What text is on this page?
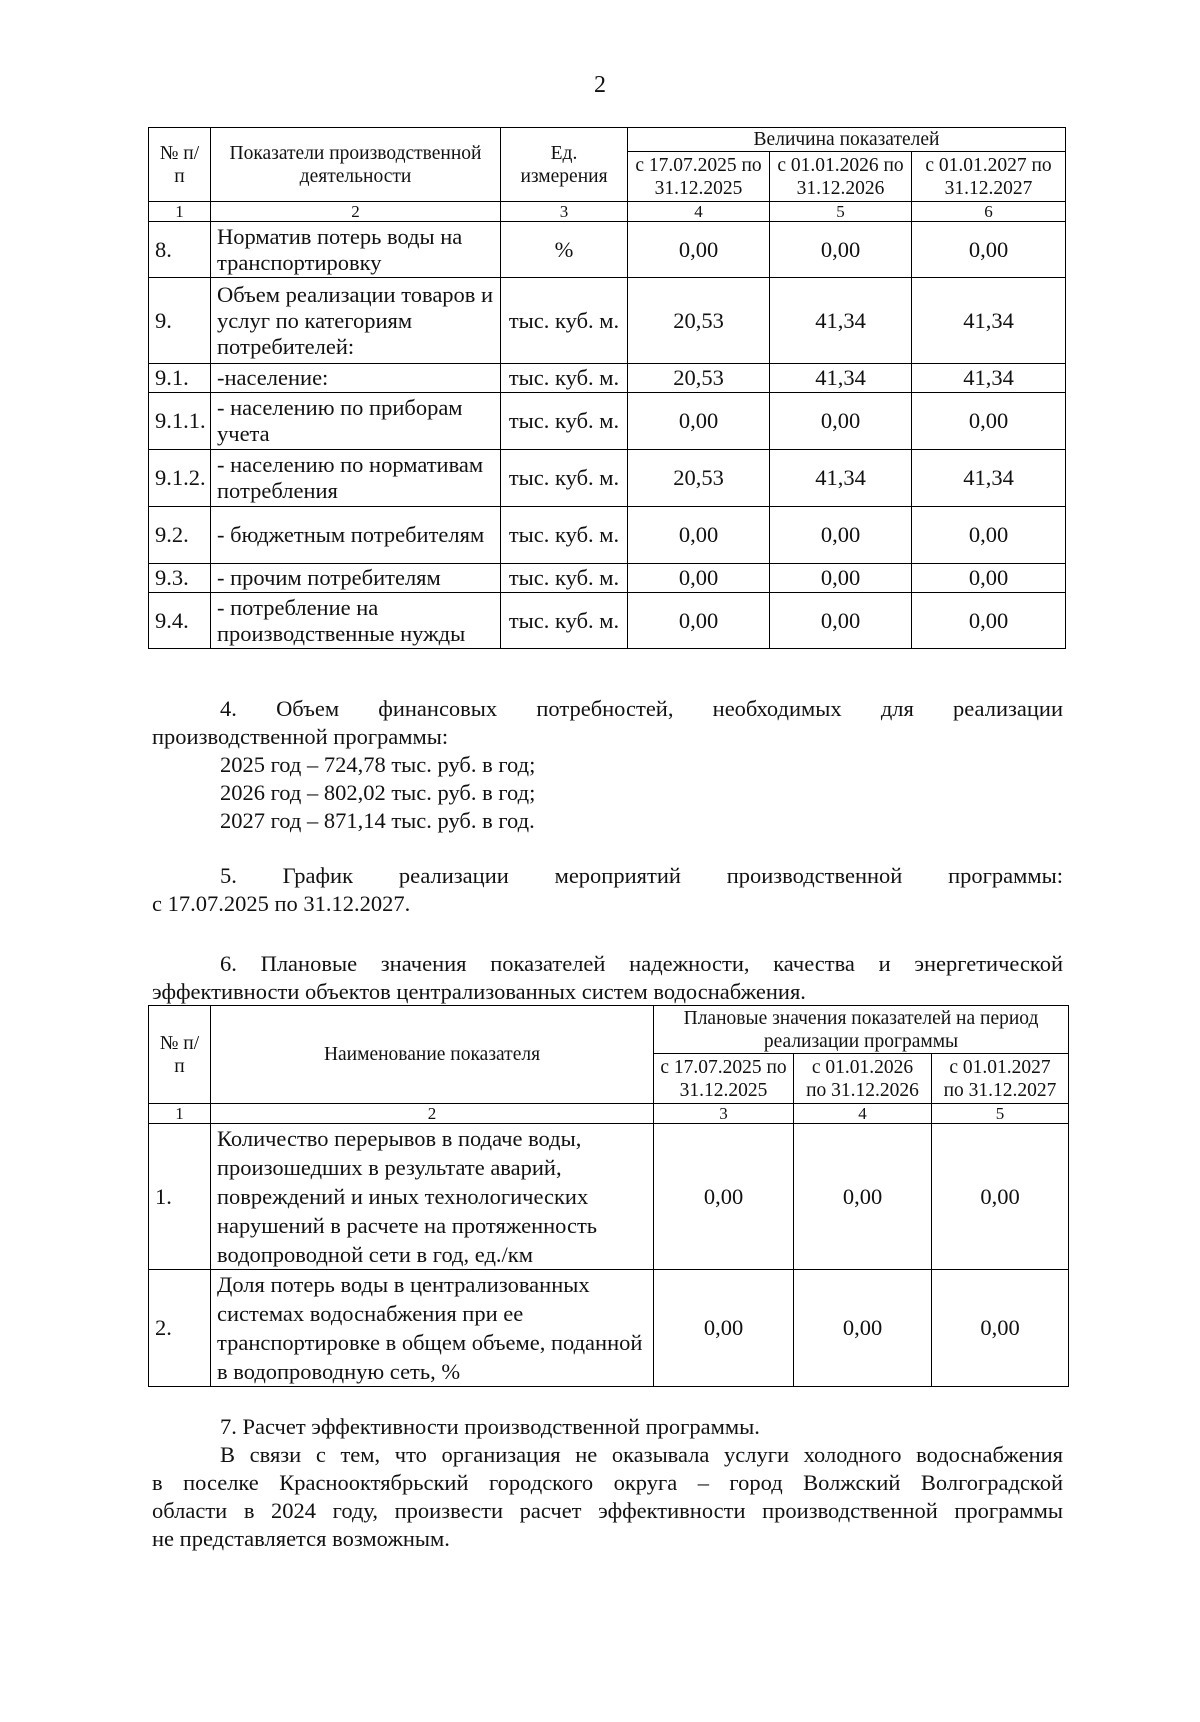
2
№ п/п	Показатели производственной деятельности	Ед. измерения	Величина показателей		
			с 17.07.2025 по 31.12.2025	с 01.01.2026 по 31.12.2026	с 01.01.2027 по 31.12.2027
1	2	3	4	5	6
8.	Норматив потерь воды на транспортировку	%	0,00	0,00	0,00
9.	Объем реализации товаров и услуг по категориям потребителей:	тыс. куб. м.	20,53	41,34	41,34
9.1.	-население:	тыс. куб. м.	20,53	41,34	41,34
9.1.1.	- населению по приборам учета	тыс. куб. м.	0,00	0,00	0,00
9.1.2.	- населению по нормативам потребления	тыс. куб. м.	20,53	41,34	41,34
9.2.	- бюджетным потребителям	тыс. куб. м.	0,00	0,00	0,00
9.3.	- прочим потребителям	тыс. куб. м.	0,00	0,00	0,00
9.4.	- потребление на производственные нужды	тыс. куб. м.	0,00	0,00	0,00
4. Объем финансовых потребностей, необходимых для реализации
производственной программы:
2025 год – 724,78 тыс. руб. в год;
2026 год – 802,02 тыс. руб. в год;
2027 год – 871,14 тыс. руб. в год.
5. График реализации мероприятий производственной программы:
с 17.07.2025 по 31.12.2027.
6. Плановые значения показателей надежности, качества и энергетической
эффективности объектов централизованных систем водоснабжения.
№ п/п	Наименование показателя	Плановые значения показателей на период реализации программы		
		с 17.07.2025 по 31.12.2025	с 01.01.2026 по 31.12.2026	с 01.01.2027 по 31.12.2027
1	2	3	4	5
1.	Количество перерывов в подаче воды, произошедших в результате аварий, повреждений и иных технологических нарушений в расчете на протяженность водопроводной сети в год, ед./км	0,00	0,00	0,00
2.	Доля потерь воды в централизованных системах водоснабжения при ее транспортировке в общем объеме, поданной в водопроводную сеть, %	0,00	0,00	0,00
7. Расчет эффективности производственной программы.
В связи с тем, что организация не оказывала услуги холодного водоснабжения
в поселке Краснооктябрьский городского округа – город Волжский Волгоградской
области в 2024 году, произвести расчет эффективности производственной программы
не представляется возможным.
